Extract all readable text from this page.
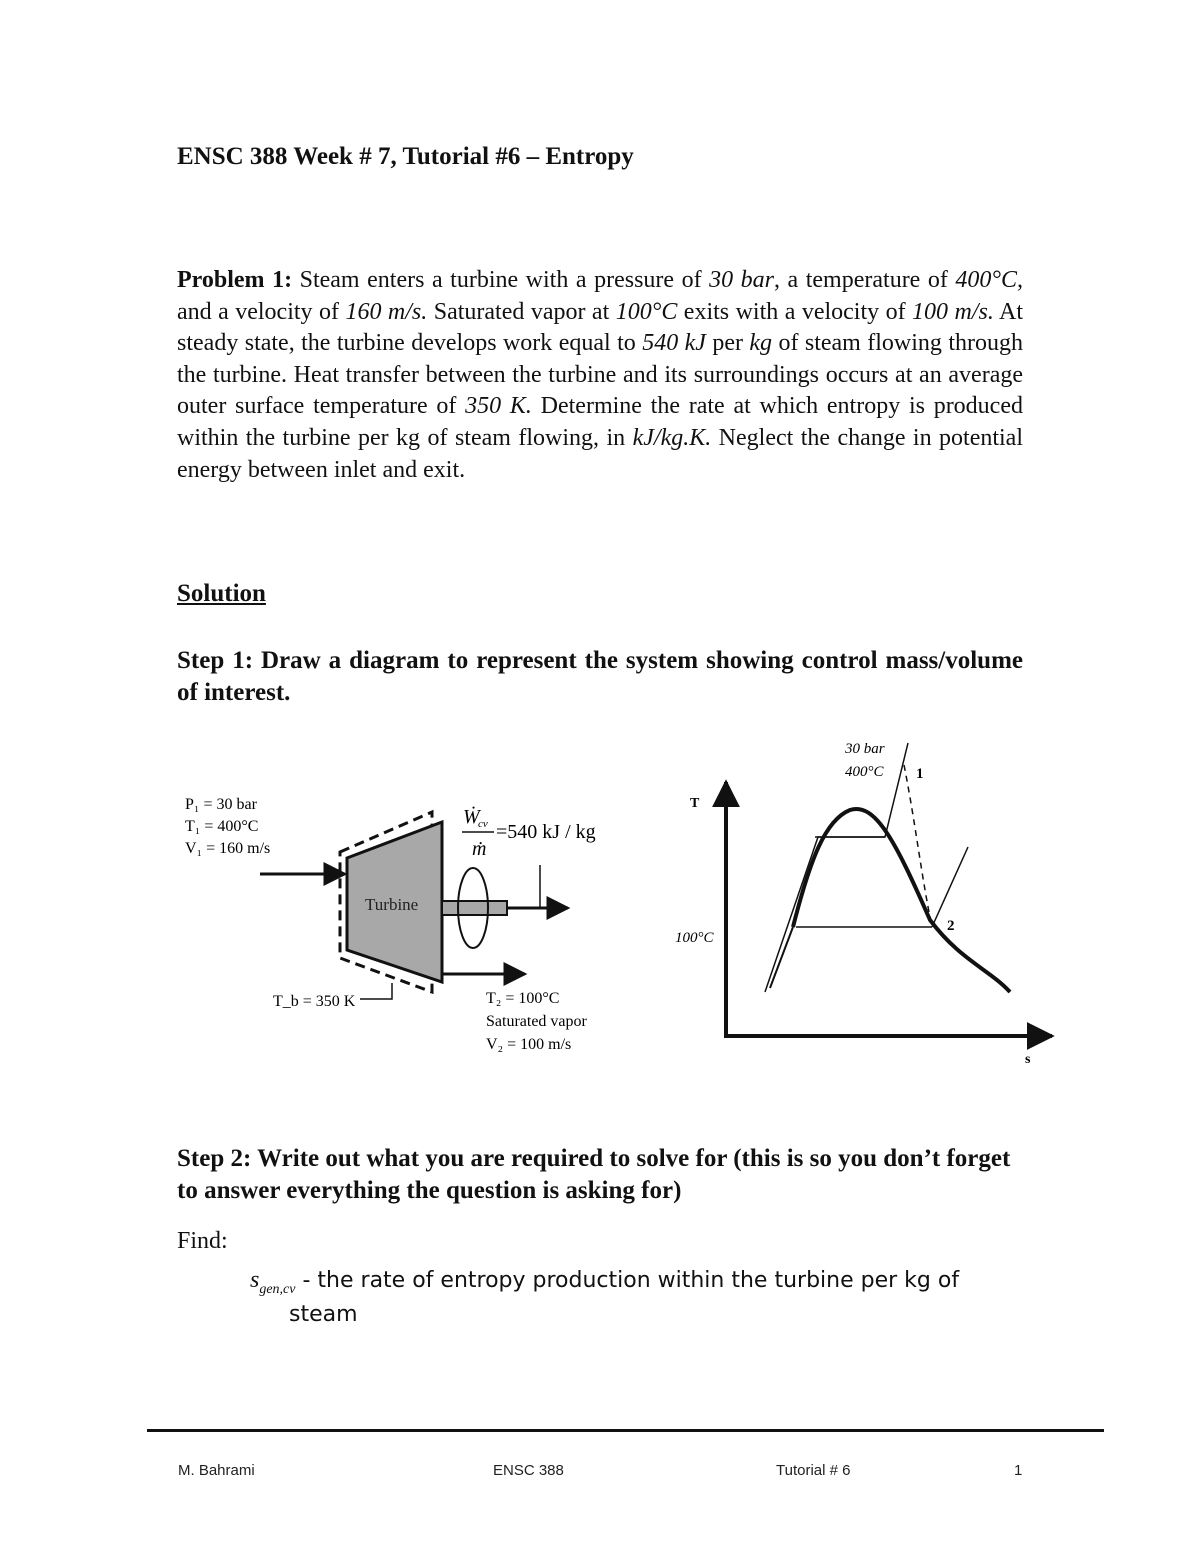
ENSC 388 Week # 7, Tutorial #6 – Entropy

Problem 1: Steam enters a turbine with a pressure of 30 bar, a temperature of 400°C, and a velocity of 160 m/s. Saturated vapor at 100°C exits with a velocity of 100 m/s. At steady state, the turbine develops work equal to 540 kJ per kg of steam flowing through the turbine. Heat transfer between the turbine and its surroundings occurs at an average outer surface temperature of 350 K. Determine the rate at which entropy is produced within the turbine per kg of steam flowing, in kJ/kg.K. Neglect the change in potential energy between inlet and exit.

Solution

Step 1: Draw a diagram to represent the system showing control mass/volume of interest.

P₁ = 30 bar
T₁ = 400°C
V₁ = 160 m/s
Turbine
Ẇ
cv
ṁ
=540 kJ / kg
T_b = 350 K	T₂ = 100°C
Saturated vapor
V₂ = 100 m/s
T
s
30 bar
400°C 1
2
100°C

Step 2: Write out what you are required to solve for (this is so you don’t forget to answer everything the question is asking for)

Find:
$s_{gen,cv}$ - the rate of entropy production within the turbine per kg of
steam
M. Bahrami	ENSC 388	Tutorial # 6	1
